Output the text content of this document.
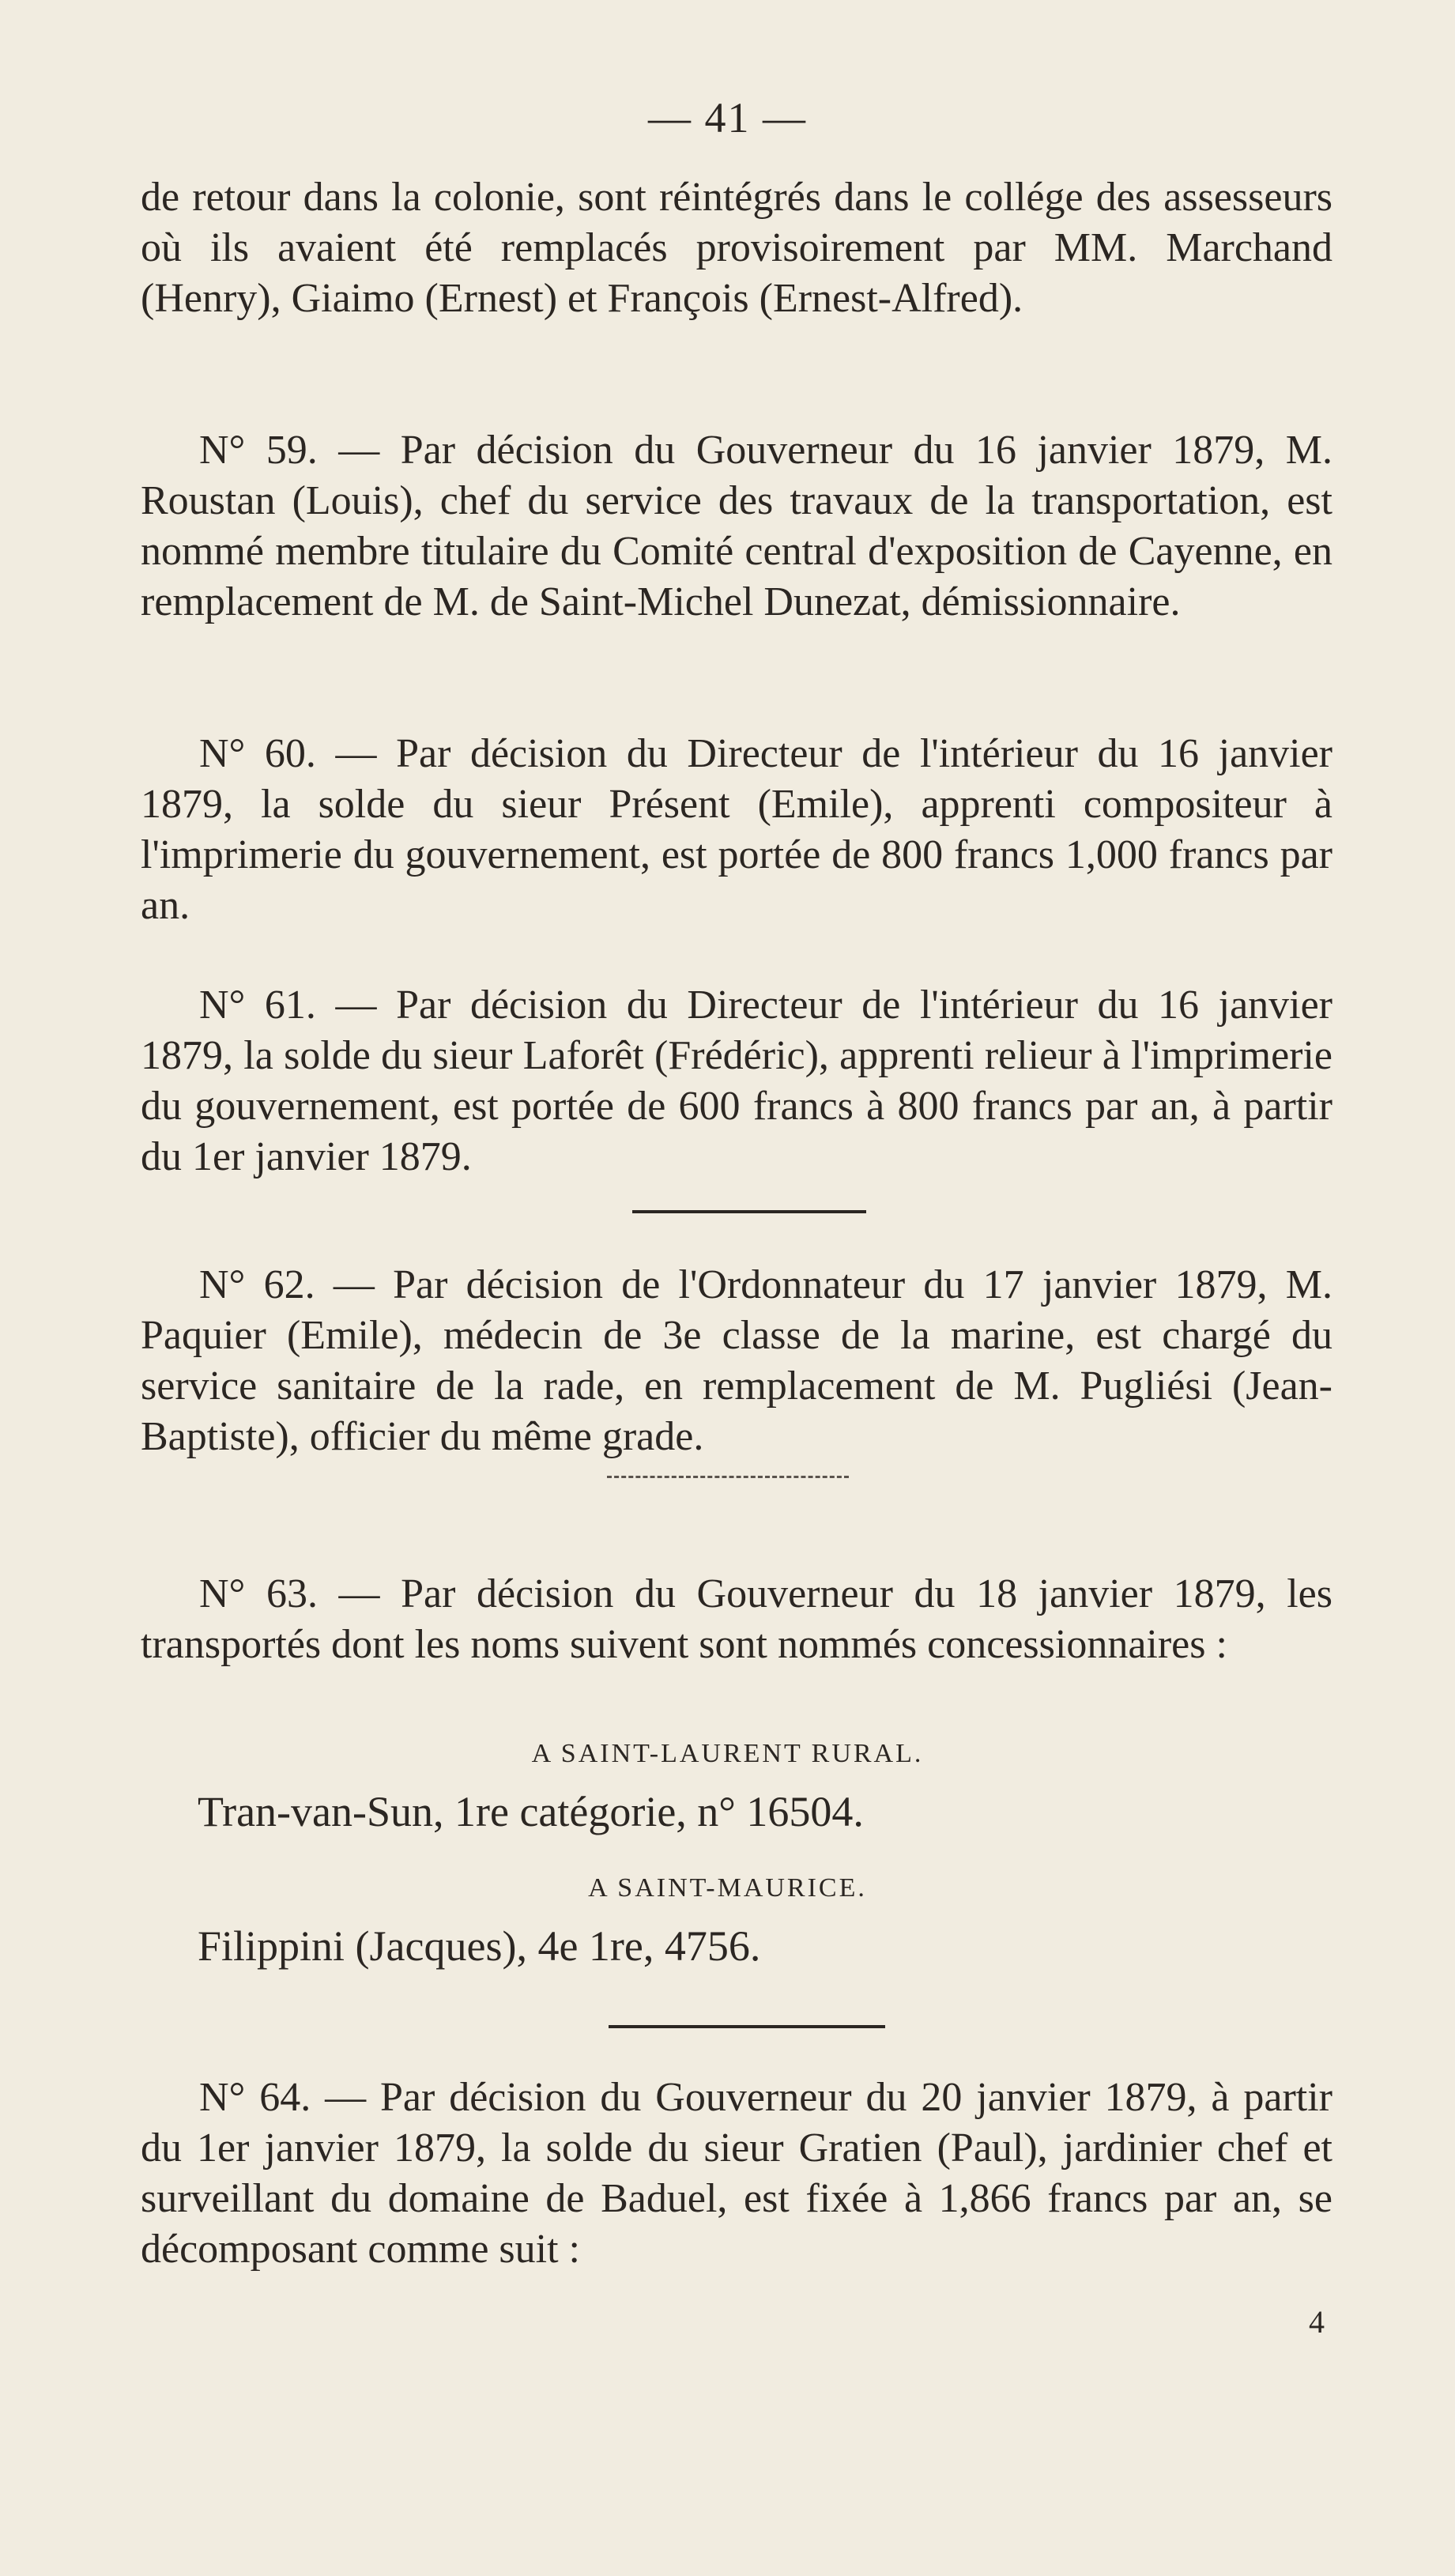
— 41 —

de retour dans la colonie, sont réintégrés dans le collége des assesseurs où ils avaient été remplacés provisoirement par MM. Marchand (Henry), Giaimo (Ernest) et François (Ernest-Alfred).

N° 59. — Par décision du Gouverneur du 16 janvier 1879, M. Roustan (Louis), chef du service des travaux de la transportation, est nommé membre titulaire du Comité central d'exposition de Cayenne, en remplacement de M. de Saint-Michel Dunezat, démissionnaire.

N° 60. — Par décision du Directeur de l'intérieur du 16 janvier 1879, la solde du sieur Présent (Emile), apprenti compositeur à l'imprimerie du gouvernement, est portée de 800 francs 1,000 francs par an.

N° 61. — Par décision du Directeur de l'intérieur du 16 janvier 1879, la solde du sieur Laforêt (Frédéric), apprenti relieur à l'imprimerie du gouvernement, est portée de 600 francs à 800 francs par an, à partir du 1er janvier 1879.

N° 62. — Par décision de l'Ordonnateur du 17 janvier 1879, M. Paquier (Emile), médecin de 3e classe de la marine, est chargé du service sanitaire de la rade, en remplacement de M. Pugliési (Jean-Baptiste), officier du même grade.

N° 63. — Par décision du Gouverneur du 18 janvier 1879, les transportés dont les noms suivent sont nommés concessionnaires :

A SAINT-LAURENT RURAL.
Tran-van-Sun, 1re catégorie, n° 16504.
A SAINT-MAURICE.
Filippini (Jacques), 4e 1re, 4756.

N° 64. — Par décision du Gouverneur du 20 janvier 1879, à partir du 1er janvier 1879, la solde du sieur Gratien (Paul), jardinier chef et surveillant du domaine de Baduel, est fixée à 1,866 francs par an, se décomposant comme suit :

4
